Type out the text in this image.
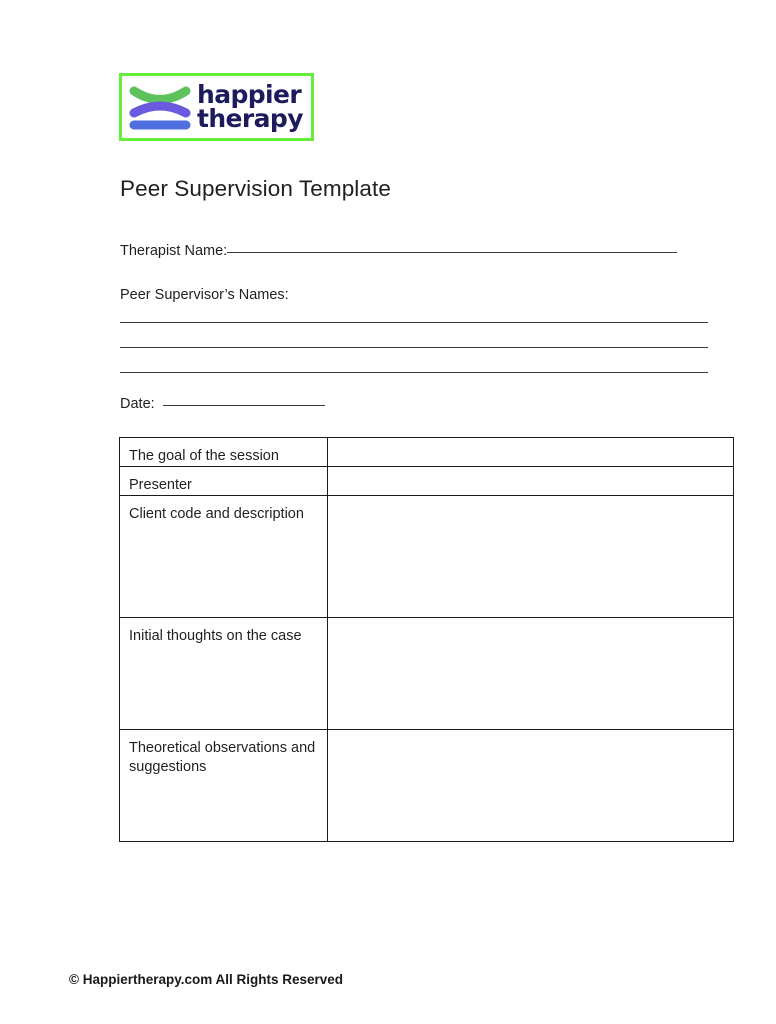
happier
therapy
Peer Supervision Template
Therapist Name:
Peer Supervisor’s Names:
Date:
The goal of the session	
Presenter	
Client code and description	
Initial thoughts on the case	
Theoretical observations and suggestions	
© Happiertherapy.com All Rights Reserved
